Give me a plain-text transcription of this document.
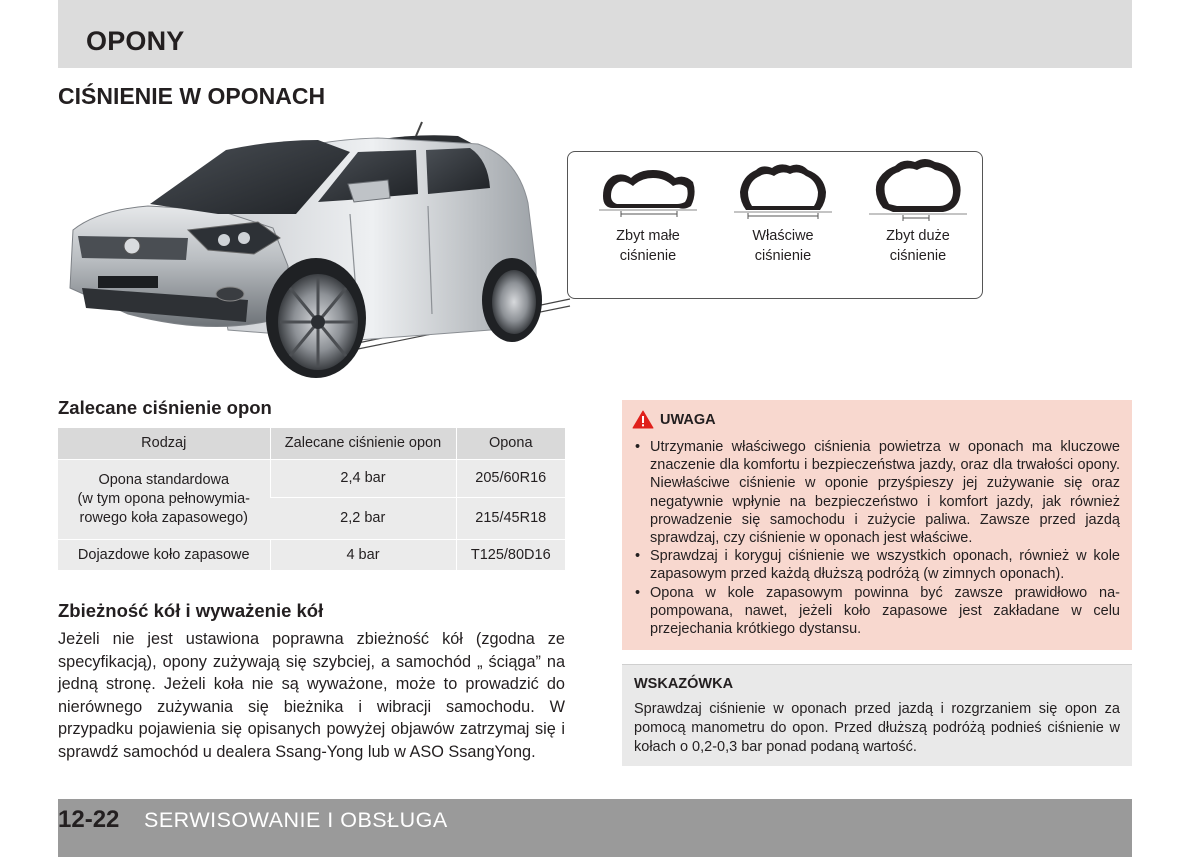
OPONY
CIŚNIENIE W OPONACH
Zbyt małe
ciśnienie
Właściwe
ciśnienie
Zbyt duże
ciśnienie
Zalecane ciśnienie opon
Rodzaj	Zalecane ciśnienie opon	Opona

Opona standardowa
(w tym opona pełnowymia-
rowego koła zapasowego)	2,4 bar	205/60R16
	2,2 bar	215/45R18
Dojazdowe koło zapasowe	4 bar	T125/80D16
Zbieżność kół i wyważenie kół
Jeżeli nie jest ustawiona poprawna zbieżność kół (zgodna ze specyfikacją), opony zużywają się szybciej, a samochód „ ściąga” na jedną stronę. Jeżeli koła nie są wyważone, może to prowadzić do nierównego zużywania się bieżnika i wibracji samochodu. W przypadku pojawienia się opisanych powyżej objawów zatrzymaj się i sprawdź samochód u dealera Ssang-Yong lub w ASO SsangYong.
UWAGA
• Utrzymanie właściwego ciśnienia powietrza w oponach ma kluczowe znaczenie dla komfortu i bezpieczeństwa jazdy, oraz dla trwałości opony. Niewłaściwe ciśnienie w oponie przyśpieszy jej zużywanie się oraz negatywnie wpłynie na bezpieczeństwo i komfort jazdy, jak również prowadzenie się samochodu i zużycie paliwa. Zawsze przed jazdą sprawdzaj, czy ciśnienie w oponach jest właściwe.
• Sprawdzaj i koryguj ciśnienie we wszystkich oponach, również w kole zapasowym przed każdą dłuższą podróżą (w zimnych oponach).
• Opona w kole zapasowym powinna być zawsze prawidłowo na-pompowana, nawet, jeżeli koło zapasowe jest zakładane w celu przejechania krótkiego dystansu.
WSKAZÓWKA
Sprawdzaj ciśnienie w oponach przed jazdą i rozgrzaniem się opon za pomocą manometru do opon. Przed dłuższą podróżą podnieś ciśnienie w kołach o 0,2-0,3 bar ponad podaną wartość.
12-22 SERWISOWANIE I OBSŁUGA
